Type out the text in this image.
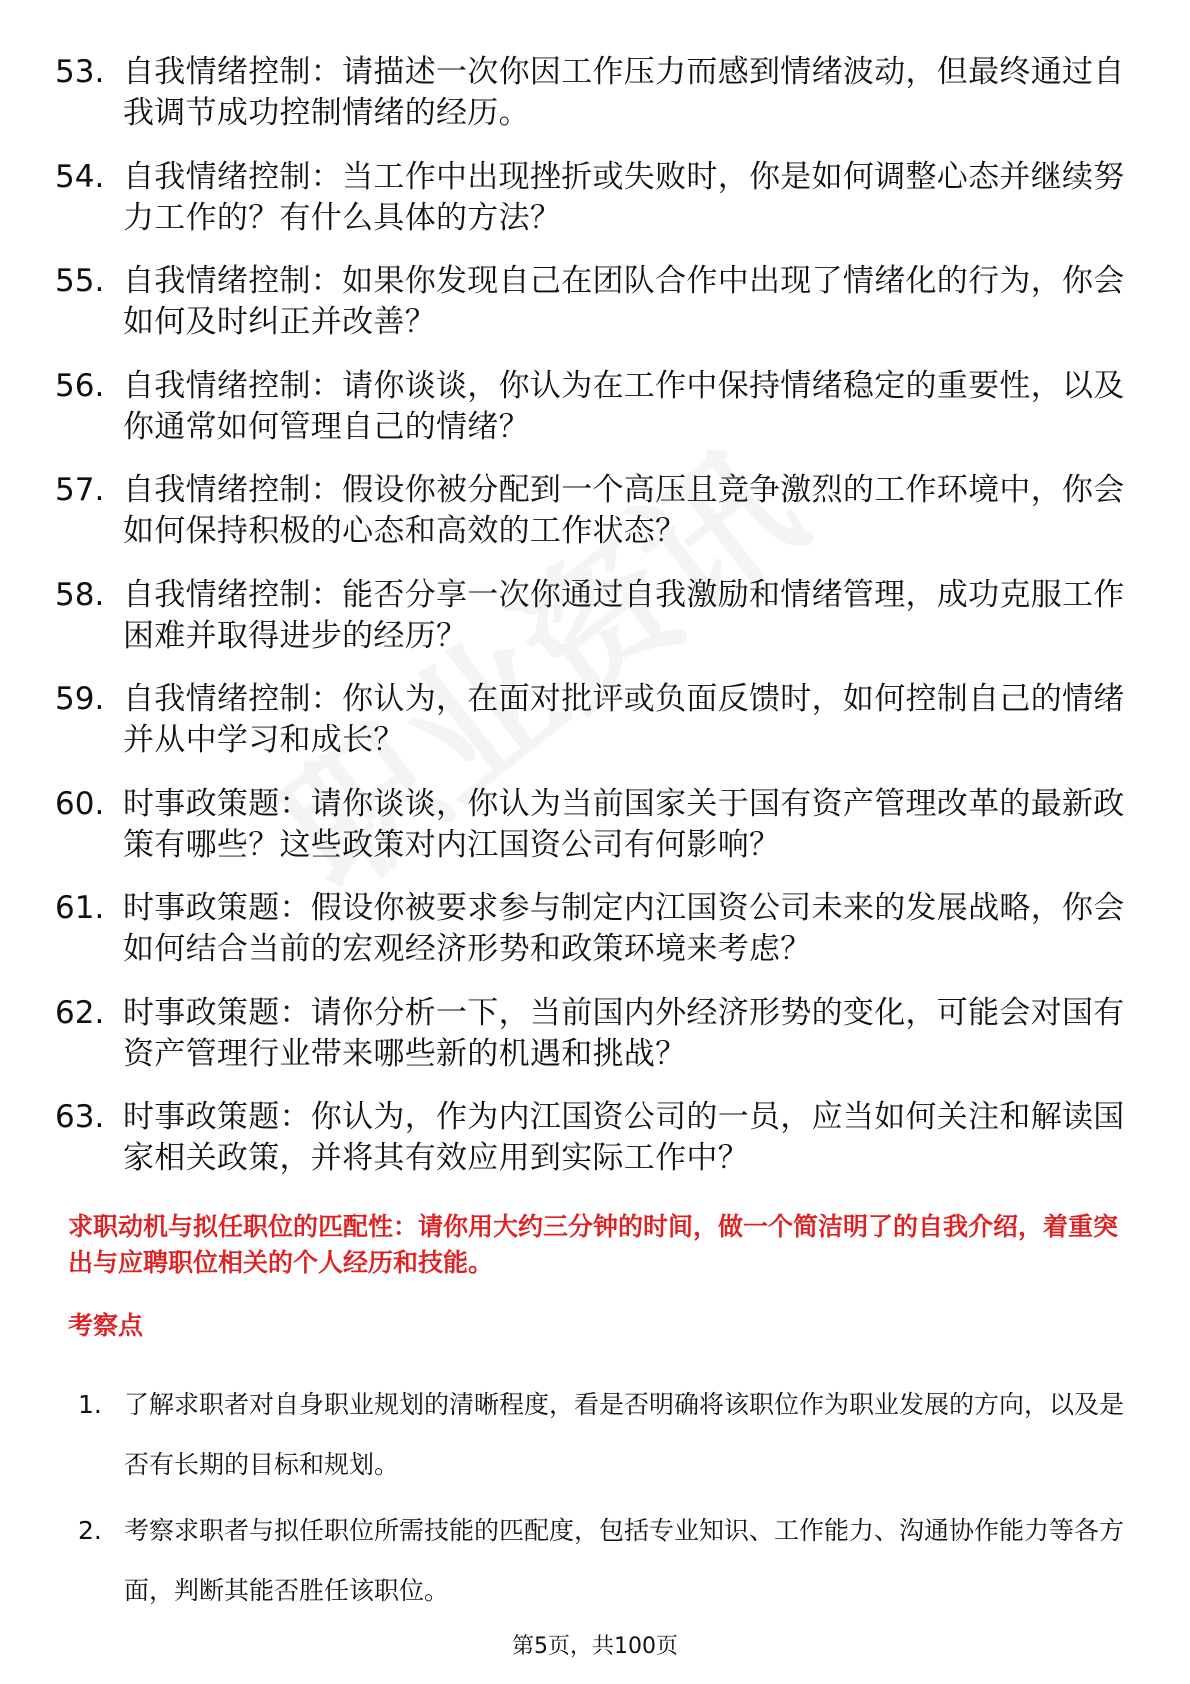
53. 自我情绪控制：请描述一次你因工作压力而感到情绪波动，但最终通过自我调节成功控制情绪的经历。
54. 自我情绪控制：当工作中出现挫折或失败时，你是如何调整心态并继续努力工作的？有什么具体的方法？
55. 自我情绪控制：如果你发现自己在团队合作中出现了情绪化的行为，你会如何及时纠正并改善？
56. 自我情绪控制：请你谈谈，你认为在工作中保持情绪稳定的重要性，以及你通常如何管理自己的情绪？
57. 自我情绪控制：假设你被分配到一个高压且竞争激烈的工作环境中，你会如何保持积极的心态和高效的工作状态？
58. 自我情绪控制：能否分享一次你通过自我激励和情绪管理，成功克服工作困难并取得进步的经历？
59. 自我情绪控制：你认为，在面对批评或负面反馈时，如何控制自己的情绪并从中学习和成长？
60. 时事政策题：请你谈谈，你认为当前国家关于国有资产管理改革的最新政策有哪些？这些政策对内江国资公司有何影响？
61. 时事政策题：假设你被要求参与制定内江国资公司未来的发展战略，你会如何结合当前的宏观经济形势和政策环境来考虑？
62. 时事政策题：请你分析一下，当前国内外经济形势的变化，可能会对国有资产管理行业带来哪些新的机遇和挑战？
63. 时事政策题：你认为，作为内江国资公司的一员，应当如何关注和解读国家相关政策，并将其有效应用到实际工作中？

求职动机与拟任职位的匹配性：请你用大约三分钟的时间，做一个简洁明了的自我介绍，着重突出与应聘职位相关的个人经历和技能。

考察点

1. 了解求职者对自身职业规划的清晰程度，看是否明确将该职位作为职业发展的方向，以及是否有长期的目标和规划。
2. 考察求职者与拟任职位所需技能的匹配度，包括专业知识、工作能力、沟通协作能力等各方面，判断其能否胜任该职位。
第5页，共100页
